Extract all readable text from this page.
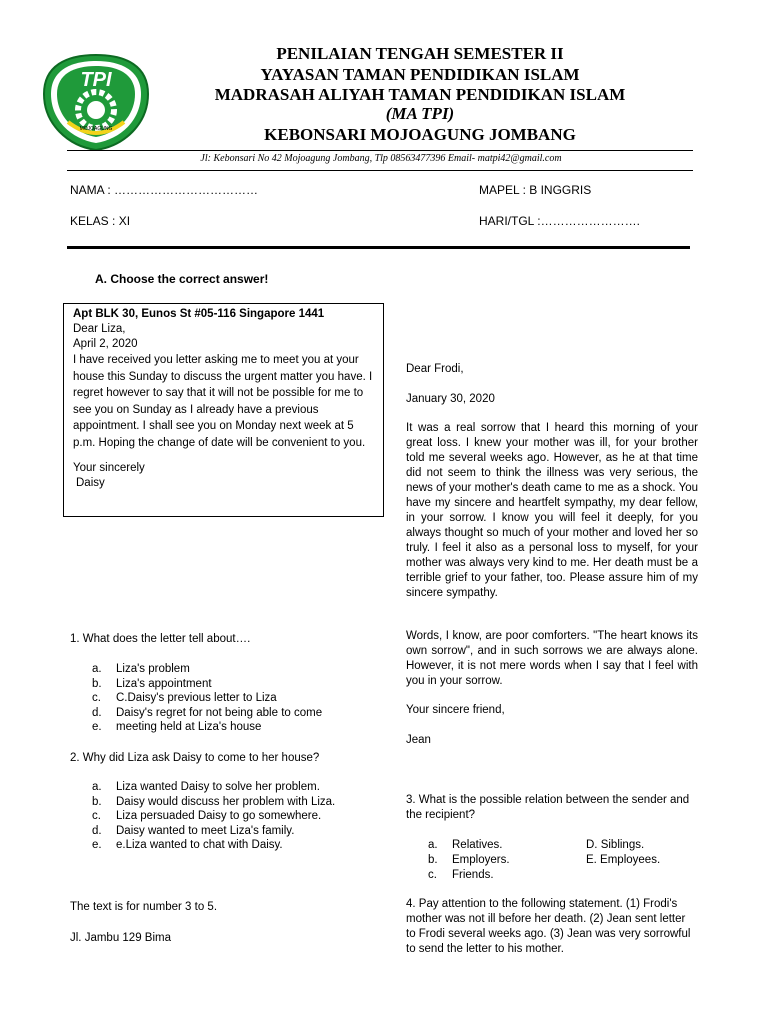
TPI
MOJOAGUNG
PENILAIAN TENGAH SEMESTER II
YAYASAN TAMAN PENDIDIKAN ISLAM
MADRASAH ALIYAH TAMAN PENDIDIKAN ISLAM
(MA TPI)
KEBONSARI MOJOAGUNG JOMBANG
Jl: Kebonsari No 42 Mojoagung Jombang, Tlp 08563477396 Email- matpi42@gmail.com
NAMA : ………………………………	MAPEL : B INGGRIS
KELAS : XI	HARI/TGL :…………………….
A. Choose the correct answer!
Apt BLK 30, Eunos St #05-116 Singapore 1441
Dear Liza,
April 2, 2020
I have received you letter asking me to meet you at your house this Sunday to discuss the urgent matter you have. I regret however to say that it will not be possible for me to see you on Sunday as I already have a previous appointment. I shall see you on Monday next week at 5 p.m. Hoping the change of date will be convenient to you.
Your sincerely
Daisy
1. What does the letter tell about….
a.	Liza's problem
b.	Liza's appointment
c.	C.Daisy's previous letter to Liza
d.	Daisy's regret for not being able to come
e.	meeting held at Liza's house
2. Why did Liza ask Daisy to come to her house?
a.	Liza wanted Daisy to solve her problem.
b.	Daisy would discuss her problem with Liza.
c.	Liza persuaded Daisy to go somewhere.
d.	Daisy wanted to meet Liza's family.
e.	e.Liza wanted to chat with Daisy.
The text is for number 3 to 5.
Jl. Jambu 129 Bima
Dear Frodi,
January 30, 2020
It was a real sorrow that I heard this morning of your great loss. I knew your mother was ill, for your brother told me several weeks ago. However, as he at that time did not seem to think the illness was very serious, the news of your mother's death came to me as a shock. You have my sincere and heartfelt sympathy, my dear fellow, in your sorrow. I know you will feel it deeply, for you always thought so much of your mother and loved her so truly. I feel it also as a personal loss to myself, for your mother was always very kind to me. Her death must be a terrible grief to your father, too. Please assure him of my sincere sympathy.
Words, I know, are poor comforters. "The heart knows its own sorrow", and in such sorrows we are always alone. However, it is not mere words when I say that I feel with you in your sorrow.
Your sincere friend,
Jean
3. What is the possible relation between the sender and the recipient?
a.	Relatives.	D. Siblings.
b.	Employers.	E. Employees.
c.	Friends.
4. Pay attention to the following statement. (1) Frodi's mother was not ill before her death. (2) Jean sent letter to Frodi several weeks ago. (3) Jean was very sorrowful to send the letter to his mother.
